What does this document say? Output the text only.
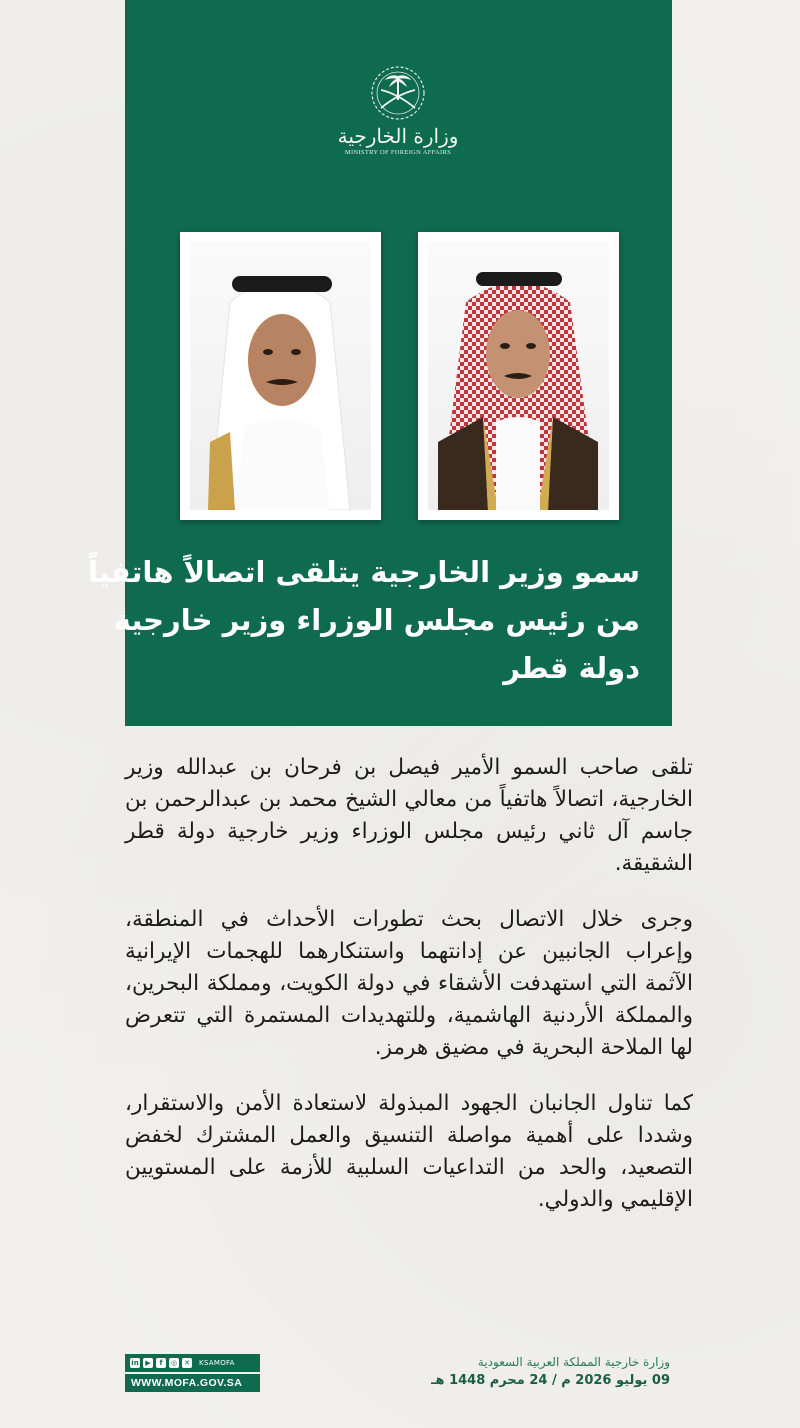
وزارة الخارجية
MINISTRY OF FOREIGN AFFAIRS
سمو وزير الخارجية يتلقى اتصالاً هاتفياً
من رئيس مجلس الوزراء وزير خارجية
دولة قطر

تلقى صاحب السمو الأمير فيصل بن فرحان بن عبدالله وزير الخارجية، اتصالاً هاتفياً من معالي الشيخ محمد بن عبدالرحمن بن جاسم آل ثاني رئيس مجلس الوزراء وزير خارجية دولة قطر الشقيقة.

وجرى خلال الاتصال بحث تطورات الأحداث في المنطقة، وإعراب الجانبين عن إدانتهما واستنكارهما للهجمات الإيرانية الآثمة التي استهدفت الأشقاء في دولة الكويت، ومملكة البحرين، والمملكة الأردنية الهاشمية، وللتهديدات المستمرة التي تتعرض لها الملاحة البحرية في مضيق هرمز.

كما تناول الجانبان الجهود المبذولة لاستعادة الأمن والاستقرار، وشددا على أهمية مواصلة التنسيق والعمل المشترك لخفض التصعيد، والحد من التداعيات السلبية للأزمة على المستويين الإقليمي والدولي.

وزارة خارجية المملكة العربية السعودية
09 يوليو 2026 م / 24 محرم 1448 هـ
in ▶	f	◎ ✕ KSAMOFA
WWW.MOFA.GOV.SA
